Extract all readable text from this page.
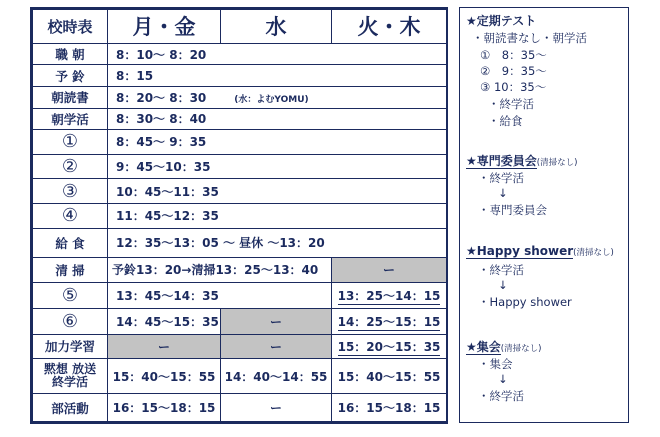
校時表	月・金	水	火・木
職 朝	8：10〜 8：20		
予 鈴	8：15		
朝読書	8：20〜 8：30 (水：よむYOMU)		
朝学活	8：30〜 8：40		
①	8：45〜 9：35		
②	9：45〜10：35		
③	10：45〜11：35		
④	11：45〜12：35		
給 食	12：35〜13：05 〜 昼休 〜13：20		
清 掃	予鈴13：20→清掃13：25〜13：40		ー
⑤	13：45〜14：35		13：25〜14：15
⑥	14：45〜15：35	ー	14：25〜15：15
加力学習	ー	ー	15：20〜15：35

黙想 放送
終学活	15：40〜15：55	14：40〜14：55	15：40〜15：55
部活動	16：15〜18：15	ー	16：15〜18：15
★定期テスト
・朝読書なし・朝学活
①　8：35〜
②　9：35〜
③ 10：35〜
・終学活
・給食
★専門委員会(清掃なし)
・終学活
↓
・専門委員会
★Happy shower(清掃なし)
・終学活
↓
・Happy shower
★集会(清掃なし)
・集会
↓
・終学活
